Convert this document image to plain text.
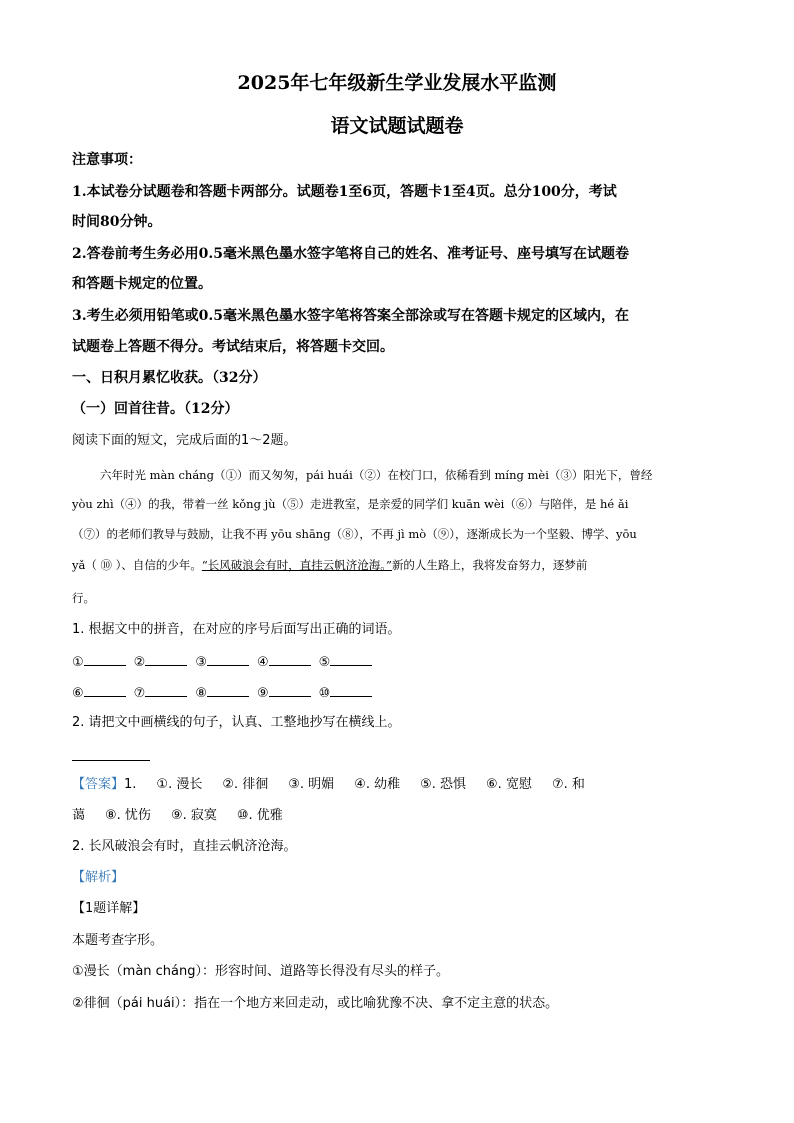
2025年七年级新生学业发展水平监测
语文试题试题卷
注意事项：
1.本试卷分试题卷和答题卡两部分。试题卷1至6页，答题卡1至4页。总分100分，考试
时间80分钟。
2.答卷前考生务必用0.5毫米黑色墨水签字笔将自己的姓名、准考证号、座号填写在试题卷
和答题卡规定的位置。
3.考生必须用铅笔或0.5毫米黑色墨水签字笔将答案全部涂或写在答题卡规定的区域内，在
试题卷上答题不得分。考试结束后，将答题卡交回。
一、日积月累忆收获。（32分）
（一）回首往昔。（12分）
阅读下面的短文，完成后面的1～2题。
六年时光 màn cháng（①）而又匆匆，pái huái（②）在校门口，依稀看到 míng mèi（③）阳光下，曾经
yòu zhì（④）的我，带着一丝 kǒng jù（⑤）走进教室，是亲爱的同学们 kuān wèi（⑥）与陪伴，是 hé ǎi
（⑦）的老师们教导与鼓励，让我不再 yōu shāng（⑧），不再 jì mò（⑨），逐渐成长为一个坚毅、博学、yōu
yǎ（ ⑩ ）、自信的少年。“长风破浪会有时，直挂云帆济沧海。”新的人生路上，我将发奋努力，逐梦前
行。
1. 根据文中的拼音，在对应的序号后面写出正确的词语。
①	②	③	④	⑤
⑥	⑦	⑧	⑨	⑩
2. 请把文中画横线的句子，认真、工整地抄写在横线上。
【答案】1. ①. 漫长 ②. 徘徊 ③. 明媚 ④. 幼稚 ⑤. 恐惧 ⑥. 宽慰 ⑦. 和
蔼 ⑧. 忧伤 ⑨. 寂寞 ⑩. 优雅
2. 长风破浪会有时，直挂云帆济沧海。
【解析】
【1题详解】
本题考查字形。
①漫长（màn cháng）：形容时间、道路等长得没有尽头的样子。
②徘徊（pái huái）：指在一个地方来回走动，或比喻犹豫不决、拿不定主意的状态。
